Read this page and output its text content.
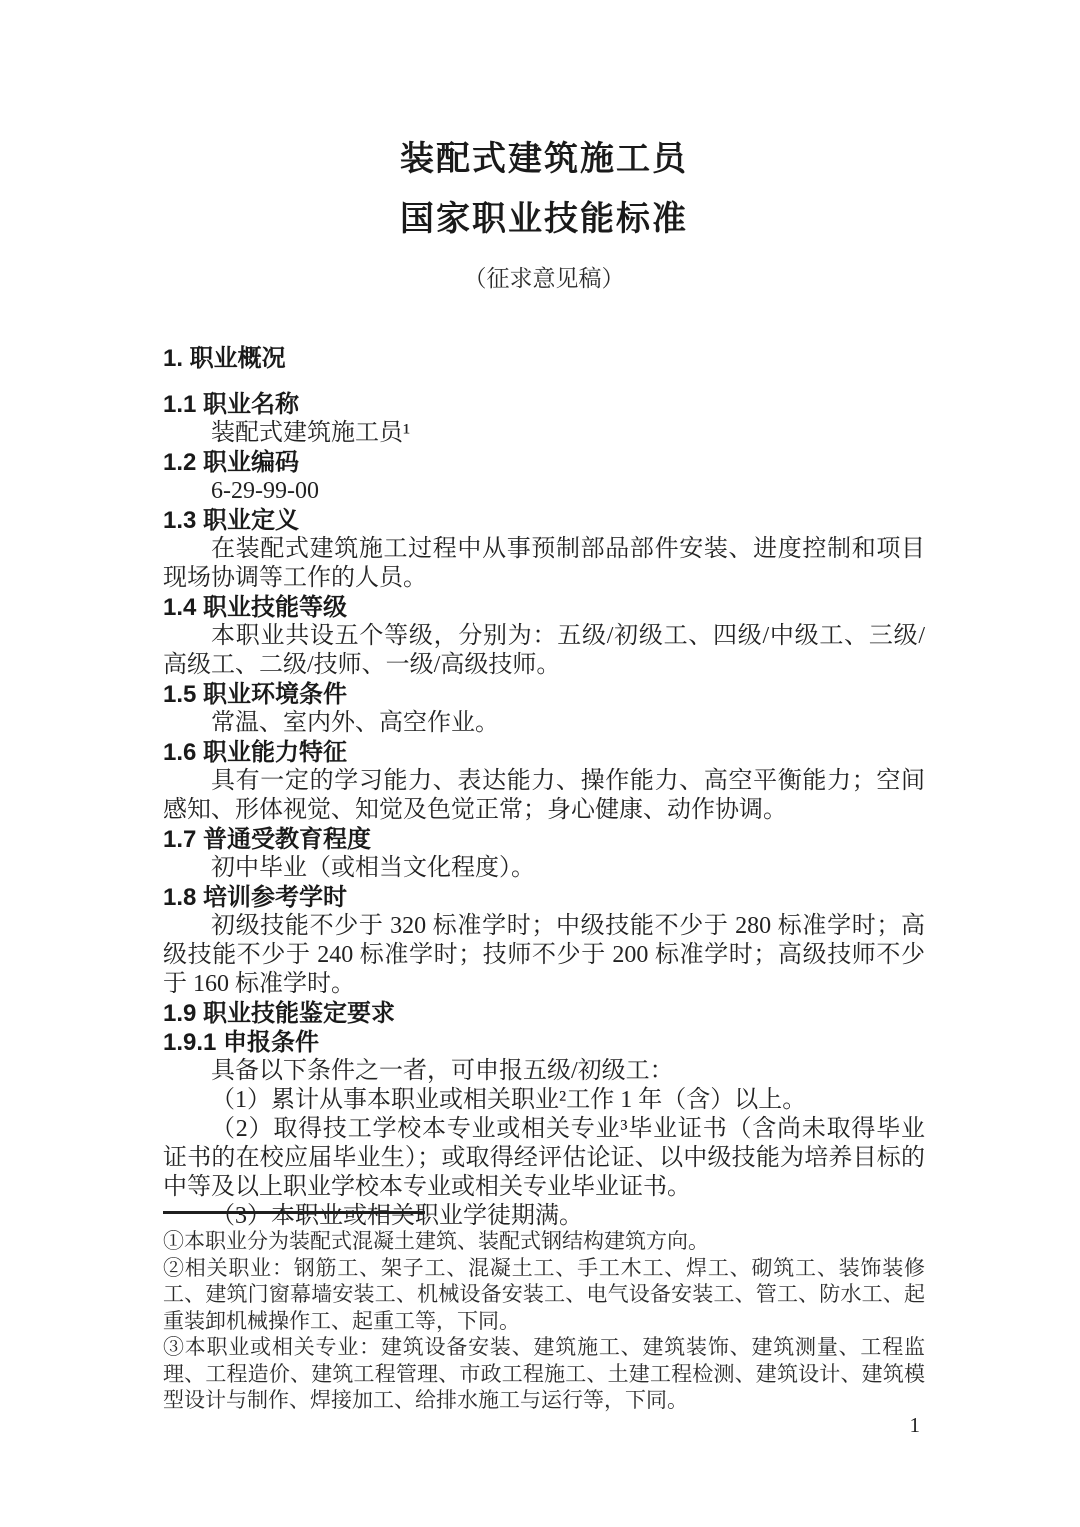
装配式建筑施工员
国家职业技能标准
（征求意见稿）
1. 职业概况
1.1 职业名称

装配式建筑施工员¹

1.2 职业编码

6-29-99-00

1.3 职业定义

在装配式建筑施工过程中从事预制部品部件安装、进度控制和项目现场协调等工作的人员。

1.4 职业技能等级

本职业共设五个等级，分别为：五级/初级工、四级/中级工、三级/高级工、二级/技师、一级/高级技师。

1.5 职业环境条件

常温、室内外、高空作业。

1.6 职业能力特征

具有一定的学习能力、表达能力、操作能力、高空平衡能力；空间感知、形体视觉、知觉及色觉正常；身心健康、动作协调。

1.7 普通受教育程度

初中毕业（或相当文化程度）。

1.8 培训参考学时

初级技能不少于 320 标准学时；中级技能不少于 280 标准学时；高级技能不少于 240 标准学时；技师不少于 200 标准学时；高级技师不少于 160 标准学时。

1.9 职业技能鉴定要求
1.9.1 申报条件

具备以下条件之一者，可申报五级/初级工：

（1）累计从事本职业或相关职业²工作 1 年（含）以上。

（2）取得技工学校本专业或相关专业³毕业证书（含尚未取得毕业证书的在校应届毕业生）；或取得经评估论证、以中级技能为培养目标的中等及以上职业学校本专业或相关专业毕业证书。

（3）本职业或相关职业学徒期满。

①本职业分为装配式混凝土建筑、装配式钢结构建筑方向。

②相关职业：钢筋工、架子工、混凝土工、手工木工、焊工、砌筑工、装饰装修工、建筑门窗幕墙安装工、机械设备安装工、电气设备安装工、管工、防水工、起重装卸机械操作工、起重工等，下同。

③本职业或相关专业：建筑设备安装、建筑施工、建筑装饰、建筑测量、工程监理、工程造价、建筑工程管理、市政工程施工、土建工程检测、建筑设计、建筑模型设计与制作、焊接加工、给排水施工与运行等，下同。

1
